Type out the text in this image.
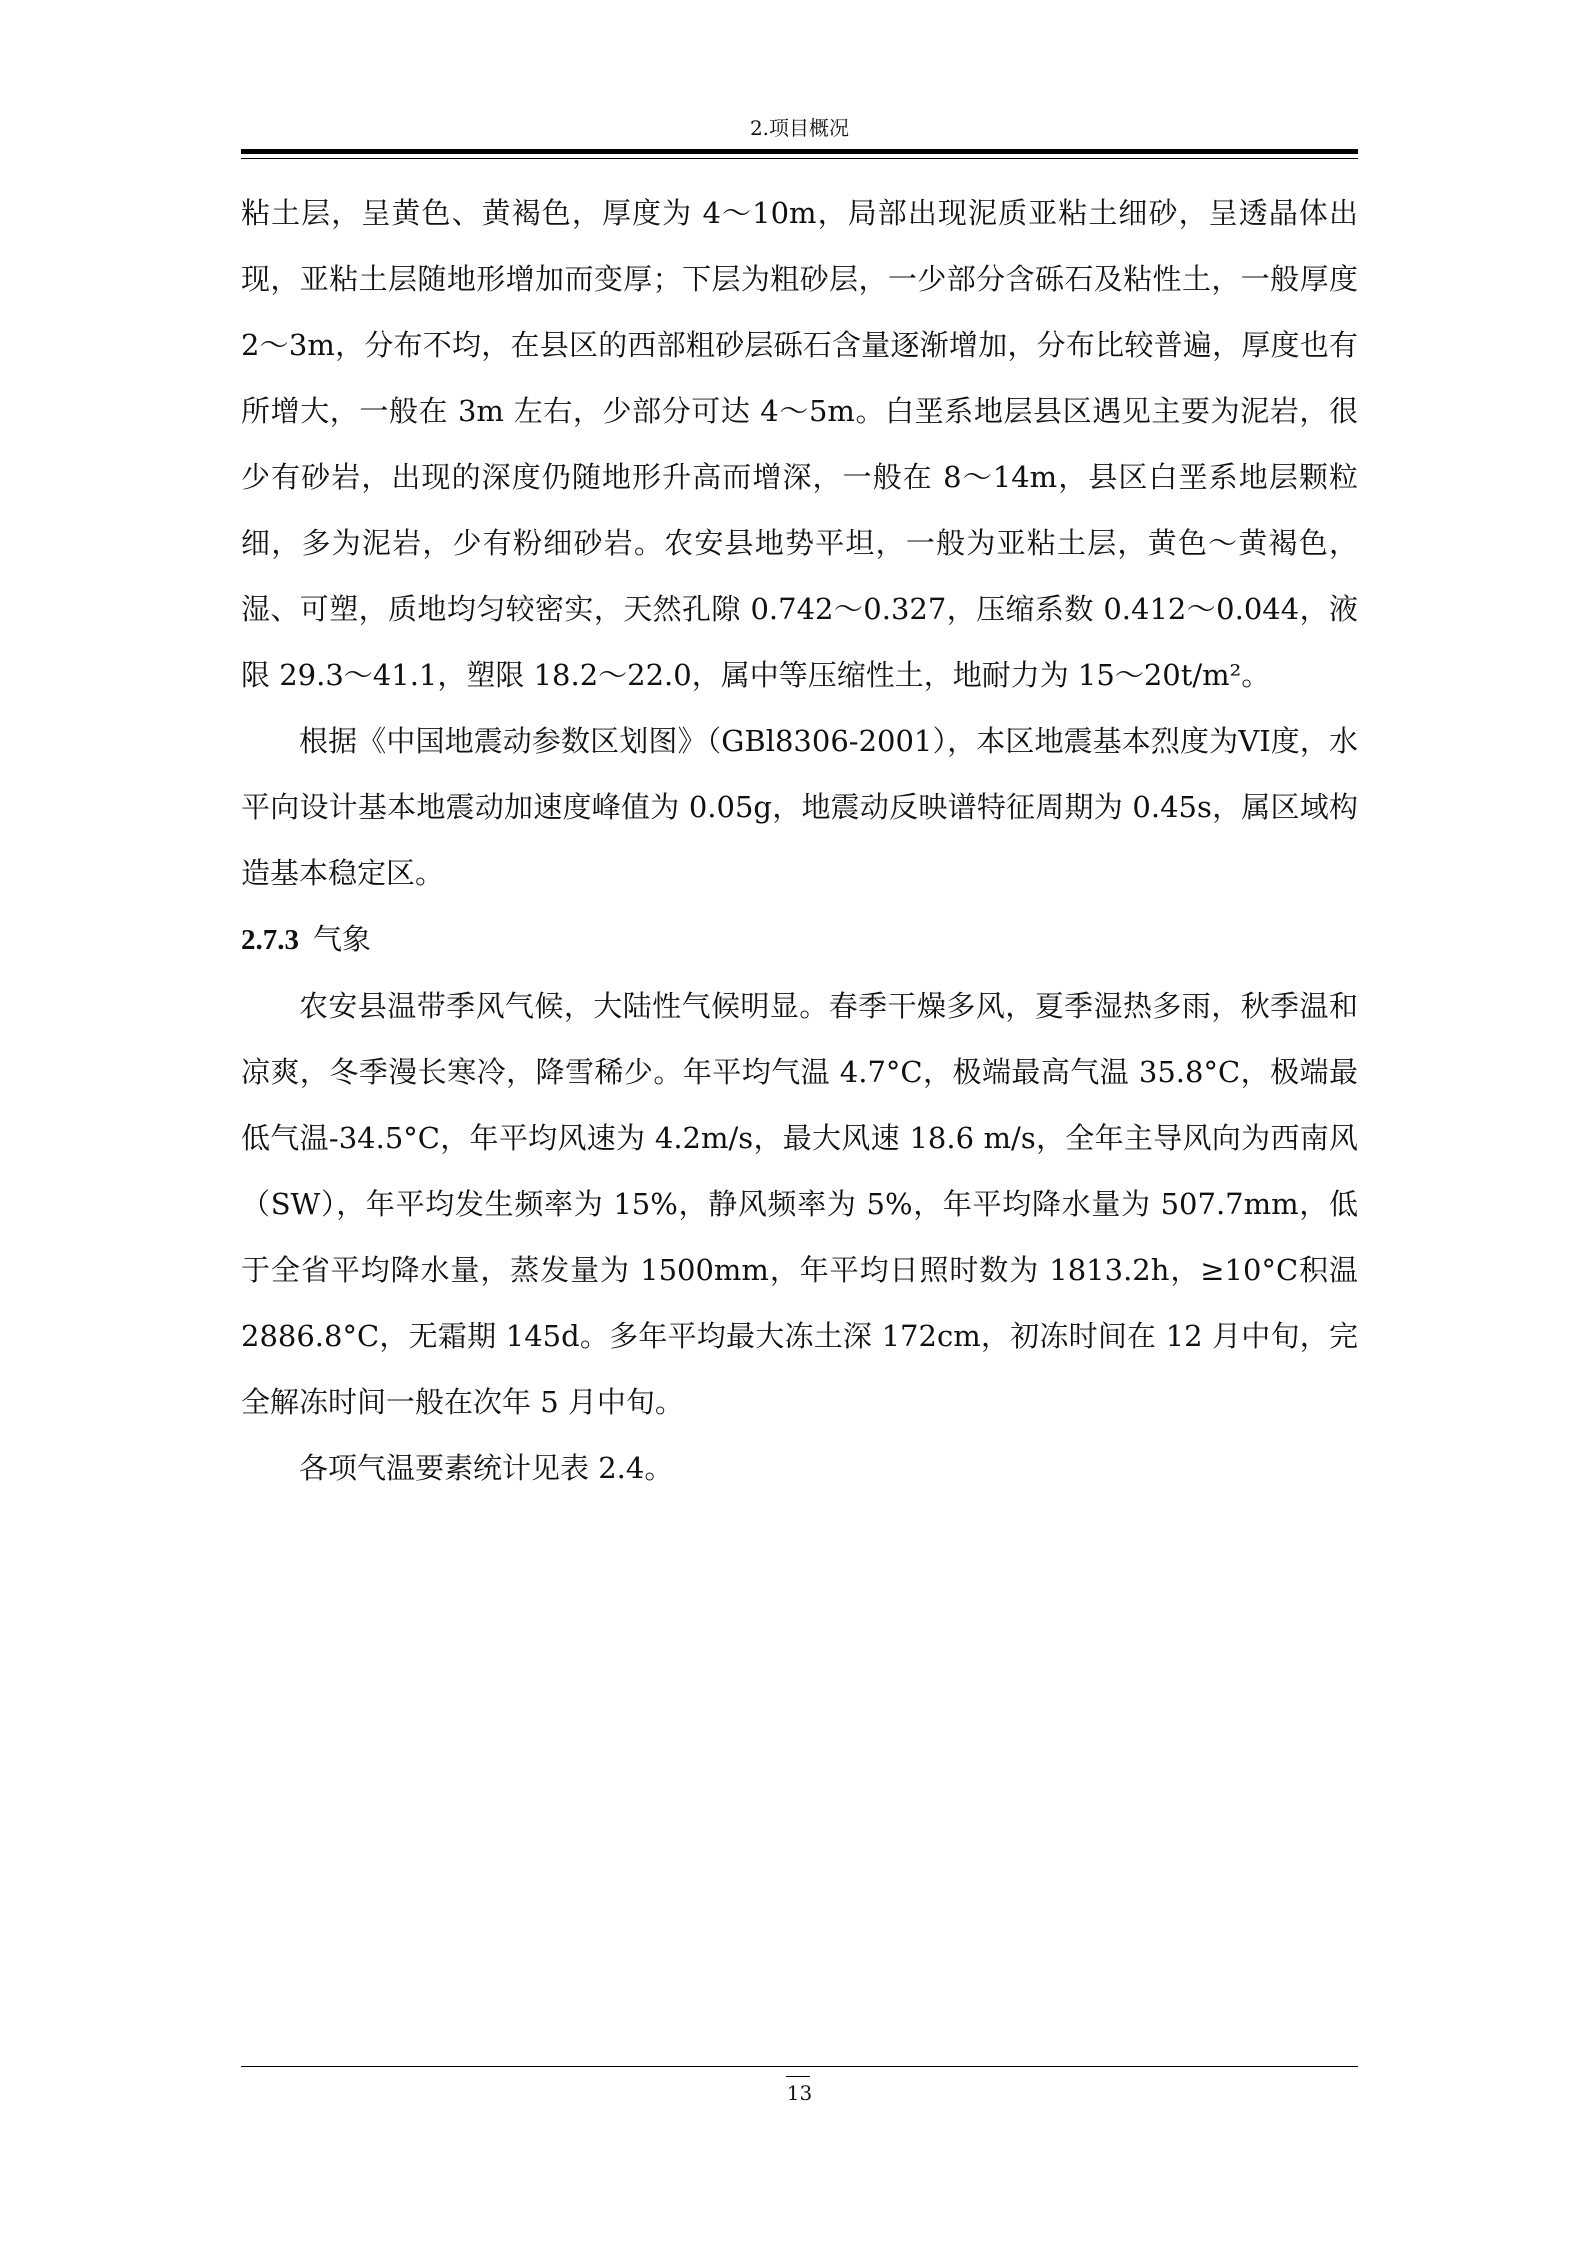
2.项目概况

粘土层，呈黄色、黄褐色，厚度为 4～10m，局部出现泥质亚粘土细砂，呈透晶体出现，亚粘土层随地形增加而变厚；下层为粗砂层，一少部分含砾石及粘性土，一般厚度 2～3m，分布不均，在县区的西部粗砂层砾石含量逐渐增加，分布比较普遍，厚度也有所增大，一般在 3m 左右，少部分可达 4～5m。白垩系地层县区遇见主要为泥岩，很少有砂岩，出现的深度仍随地形升高而增深，一般在 8～14m，县区白垩系地层颗粒细，多为泥岩，少有粉细砂岩。农安县地势平坦，一般为亚粘土层，黄色～黄褐色，湿、可塑，质地均匀较密实，天然孔隙 0.742～0.327，压缩系数 0.412～0.044，液限 29.3～41.1，塑限 18.2～22.0，属中等压缩性土，地耐力为 15～20t/m²。

根据《中国地震动参数区划图》（GBl8306-2001），本区地震基本烈度为VI度，水平向设计基本地震动加速度峰值为 0.05g，地震动反映谱特征周期为 0.45s，属区域构造基本稳定区。

2.7.3 气象

农安县温带季风气候，大陆性气候明显。春季干燥多风，夏季湿热多雨，秋季温和凉爽，冬季漫长寒冷，降雪稀少。年平均气温 4.7°C，极端最高气温 35.8°C，极端最低气温-34.5°C，年平均风速为 4.2m/s，最大风速 18.6 m/s，全年主导风向为西南风（SW），年平均发生频率为 15%，静风频率为 5%，年平均降水量为 507.7mm，低于全省平均降水量，蒸发量为 1500mm，年平均日照时数为 1813.2h，≥10°C积温 2886.8°C，无霜期 145d。多年平均最大冻土深 172cm，初冻时间在 12 月中旬，完全解冻时间一般在次年 5 月中旬。

各项气温要素统计见表 2.4。

13
